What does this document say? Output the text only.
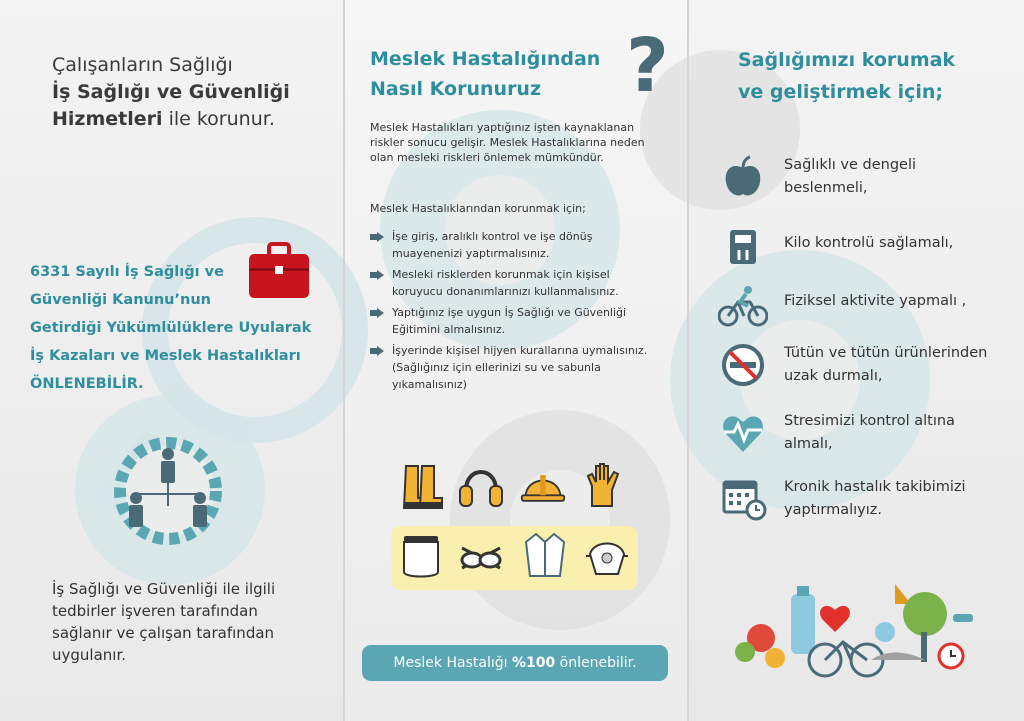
Çalışanların Sağlığı
İş Sağlığı ve Güvenliği
Hizmetleri ile korunur.
6331 Sayılı İş Sağlığı ve
Güvenliği Kanunu’nun
Getirdiği Yükümlülüklere Uyularak
İş Kazaları ve Meslek Hastalıkları
ÖNLENEBİLİR.
İş Sağlığı ve Güvenliği ile ilgili
tedbirler işveren tarafından
sağlanır ve çalışan tarafından
uygulanır.
Meslek Hastalığından
Nasıl Korunuruz	?
Meslek Hastalıkları yaptığınız işten kaynaklanan
riskler sonucu gelişir. Meslek Hastalıklarına neden
olan mesleki riskleri önlemek mümkündür.
Meslek Hastalıklarından korunmak için;
İşe giriş, aralıklı kontrol ve işe dönüş
muayenenizi yaptırmalısınız.
Mesleki risklerden korunmak için kişisel
koruyucu donanımlarınızı kullanmalısınız.
Yaptığınız işe uygun İş Sağlığı ve Güvenliği
Eğitimini almalısınız.
İşyerinde kişisel hijyen kurallarına uymalısınız.
(Sağlığınız için ellerinizi su ve sabunla
yıkamalısınız)
Meslek Hastalığı %100 önlenebilir.
Sağlığımızı korumak
ve geliştirmek için;
Sağlıklı ve dengeli
beslenmeli,
Kilo kontrolü sağlamalı,
Fiziksel aktivite yapmalı ,
Tütün ve tütün ürünlerinden
uzak durmalı,
Stresimizi kontrol altına
almalı,
Kronik hastalık takibimizi
yaptırmalıyız.
